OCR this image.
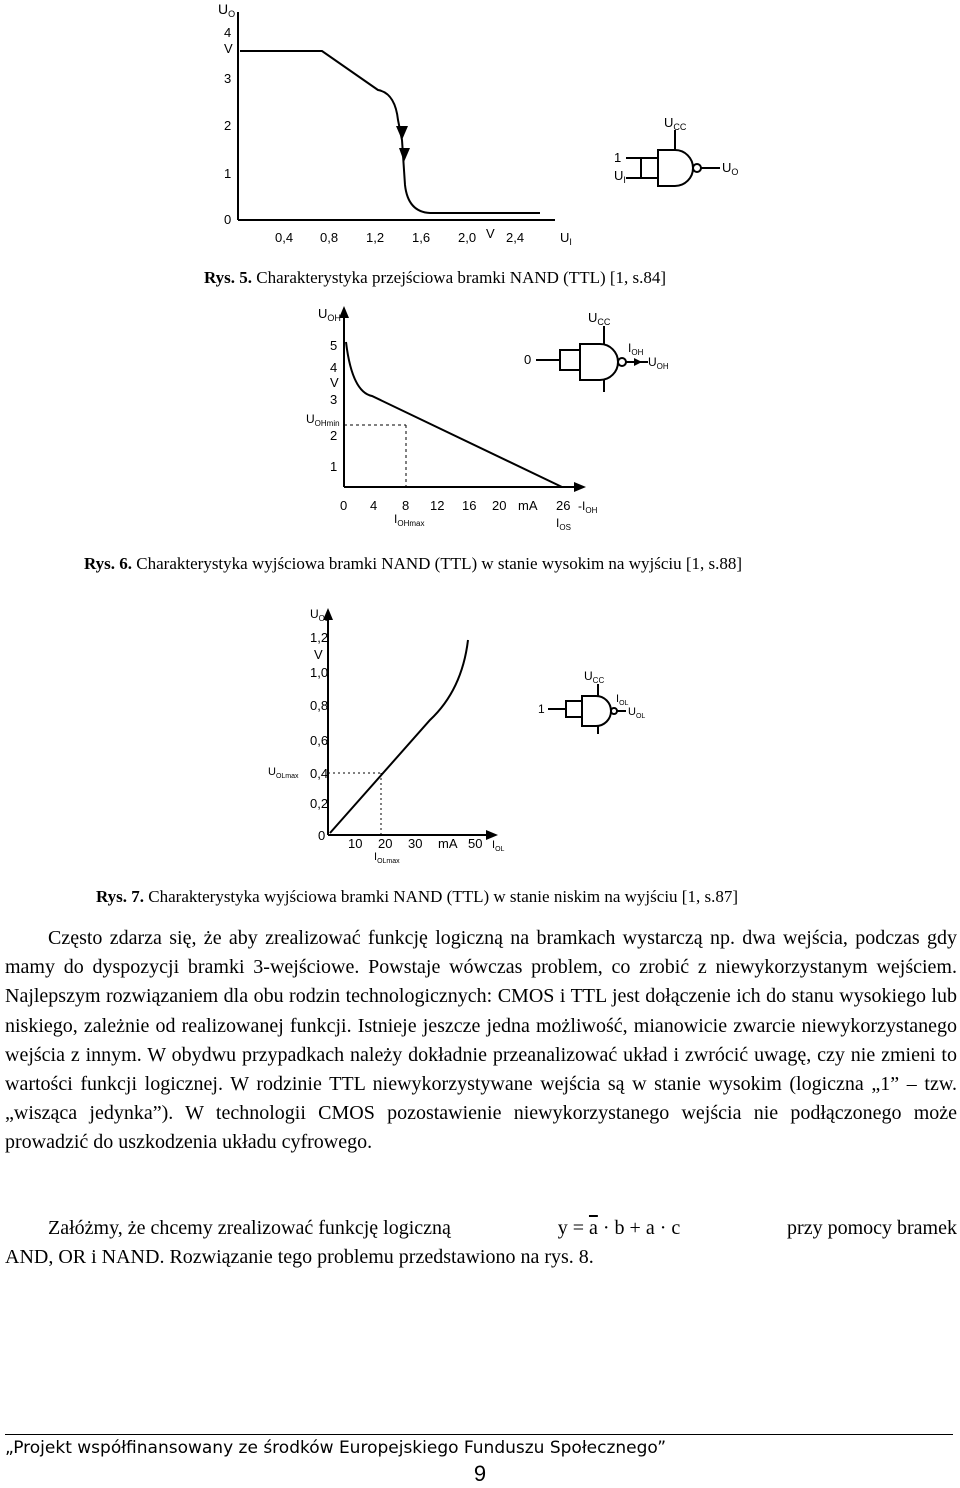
$U_O$
4
V
3
2
1
0
0,4 0,8 1,2 1,6 2,0 V 2,4	$U_I$
$U_{CC}$
1
$U_I$
$U_O$
Rys. 5. Charakterystyka przejściowa bramki NAND (TTL) [1, s.84]
$U_{OH}$
5
4
V
3
$U_{OHmin}$
2
1
0 4 8 12 16 20 mA 26 $-I_{OH}$
$I_{OHmax}$	$I_{OS}$
$U_{CC}$
0
$I_{OH}$
$U_{OH}$
Rys. 6. Charakterystyka wyjściowa bramki NAND (TTL) w stanie wysokim na wyjściu [1, s.88]
$U_{OL}$
1,2
V
1,0
0,8
0,6
$U_{OLmax}$ 0,4
0,2
0
10 20 30 mA 50 $I_{OL}$
$I_{OLmax}$
$U_{CC}$
1
$I_{OL}$
$U_{OL}$
Rys. 7. Charakterystyka wyjściowa bramki NAND (TTL) w stanie niskim na wyjściu [1, s.87]

Często zdarza się, że aby zrealizować funkcję logiczną na bramkach wystarczą np. dwa wejścia, podczas gdy mamy do dyspozycji bramki 3-wejściowe. Powstaje wówczas problem, co zrobić z niewykorzystanym wejściem. Najlepszym rozwiązaniem dla obu rodzin technologicznych: CMOS i TTL jest dołączenie ich do stanu wysokiego lub niskiego, zależnie od realizowanej funkcji. Istnieje jeszcze jedna możliwość, mianowicie zwarcie niewykorzystanego wejścia z innym. W obydwu przypadkach należy dokładnie przeanalizować układ i zwrócić uwagę, czy nie zmieni to wartości funkcji logicznej. W rodzinie TTL niewykorzystywane wejścia są w stanie wysokim (logiczna „1” – tzw. „wisząca jedynka”). W technologii CMOS pozostawienie niewykorzystanego wejścia nie podłączonego może prowadzić do uszkodzenia układu cyfrowego.

Załóżmy, że chcemy zrealizować funkcję logiczną	$y = \overline{a} \cdot b + a \cdot c$	przy pomocy bramek
AND, OR i NAND. Rozwiązanie tego problemu przedstawiono na rys. 8.
„Projekt współfinansowany ze środków Europejskiego Funduszu Społecznego”
9
